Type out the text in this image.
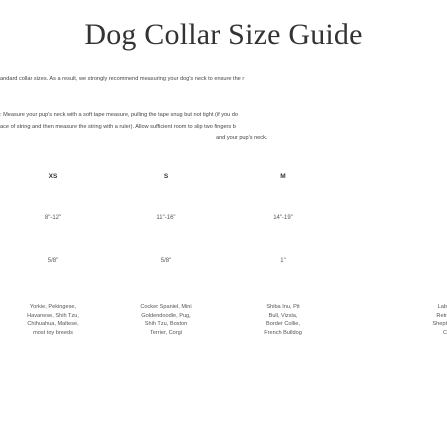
Dog Collar Size Guide
andard collar sizes. As a result, we strongly recommend measuring your dog's neck to ensure the r
: Measure your pup's neck with a soft tape measure, pulling the tape snug but not tight (if you do
ace of string and then measure the string with a ruler). Allow sufficient room to slip two fingers b
and your pup's neck.
XS
8"-12"
5/8"
Yorkie, Pekingese,
Havanese, Shih Tzu,
Chihuahua, Maltese,
most toy breeds
S
11"-16"
5/8"
Cocker Spaniel, Mini
Goldendoodle, Pug,
Shih Tzu, Boston
Terrier, Corgi
M
14"-19"
1"
Shiba Inu, Pit
Bull, Vizsla,
Border Collie,
French Bulldog
Lab
Retr
Shept
C
